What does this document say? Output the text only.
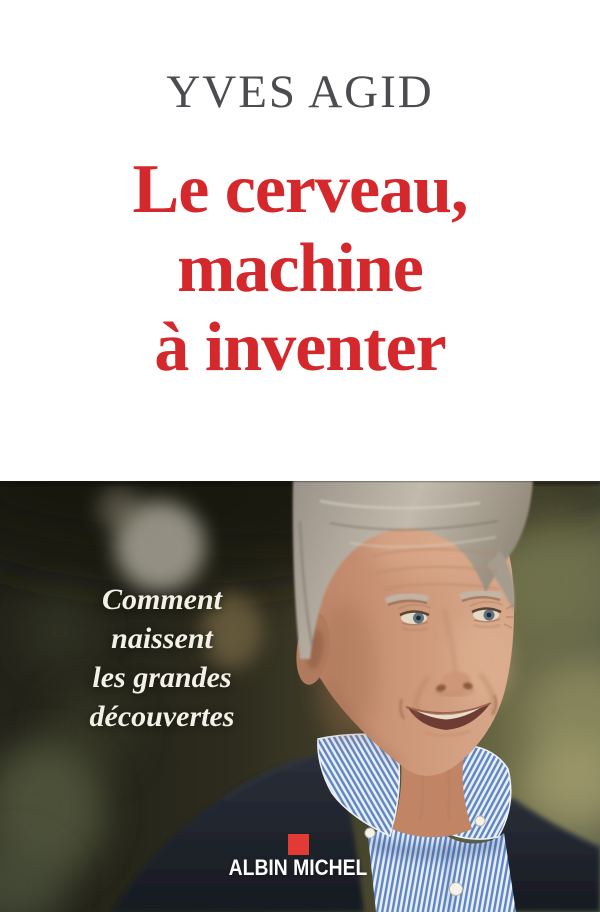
YVES AGID
Le cerveau,
machine
à inventer
Comment
naissent
les grandes
découvertes
ALBIN MICHEL
